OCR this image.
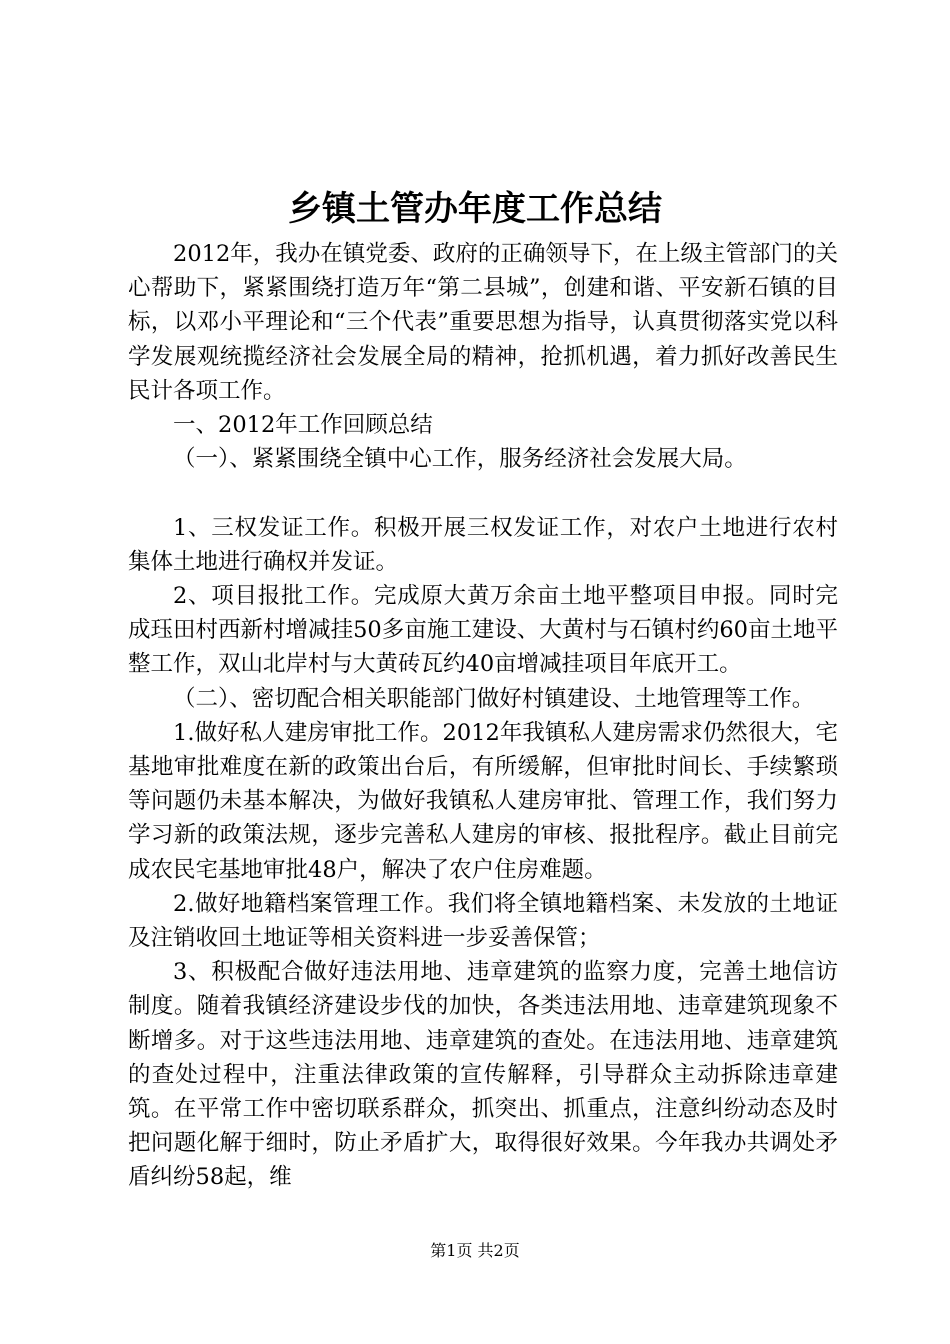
乡镇土管办年度工作总结

2012年，我办在镇党委、政府的正确领导下，在上级主管部门的关心帮助下，紧紧围绕打造万年“第二县城”，创建和谐、平安新石镇的目标，以邓小平理论和“三个代表”重要思想为指导，认真贯彻落实党以科学发展观统揽经济社会发展全局的精神，抢抓机遇，着力抓好改善民生民计各项工作。

一、2012年工作回顾总结

（一）、紧紧围绕全镇中心工作，服务经济社会发展大局。

1、三权发证工作。积极开展三权发证工作，对农户土地进行农村集体土地进行确权并发证。

2、项目报批工作。完成原大黄万余亩土地平整项目申报。同时完成珏田村西新村增减挂50多亩施工建设、大黄村与石镇村约60亩土地平整工作，双山北岸村与大黄砖瓦约40亩增减挂项目年底开工。

（二）、密切配合相关职能部门做好村镇建设、土地管理等工作。

1.做好私人建房审批工作。2012年我镇私人建房需求仍然很大，宅基地审批难度在新的政策出台后，有所缓解，但审批时间长、手续繁琐等问题仍未基本解决，为做好我镇私人建房审批、管理工作，我们努力学习新的政策法规，逐步完善私人建房的审核、报批程序。截止目前完成农民宅基地审批48户，解决了农户住房难题。

2.做好地籍档案管理工作。我们将全镇地籍档案、未发放的土地证及注销收回土地证等相关资料进一步妥善保管；

3、积极配合做好违法用地、违章建筑的监察力度，完善土地信访制度。随着我镇经济建设步伐的加快，各类违法用地、违章建筑现象不断增多。对于这些违法用地、违章建筑的查处。在违法用地、违章建筑的查处过程中，注重法律政策的宣传解释，引导群众主动拆除违章建筑。在平常工作中密切联系群众，抓突出、抓重点，注意纠纷动态及时把问题化解于细时，防止矛盾扩大，取得很好效果。今年我办共调处矛盾纠纷58起，维

第1页 共2页
